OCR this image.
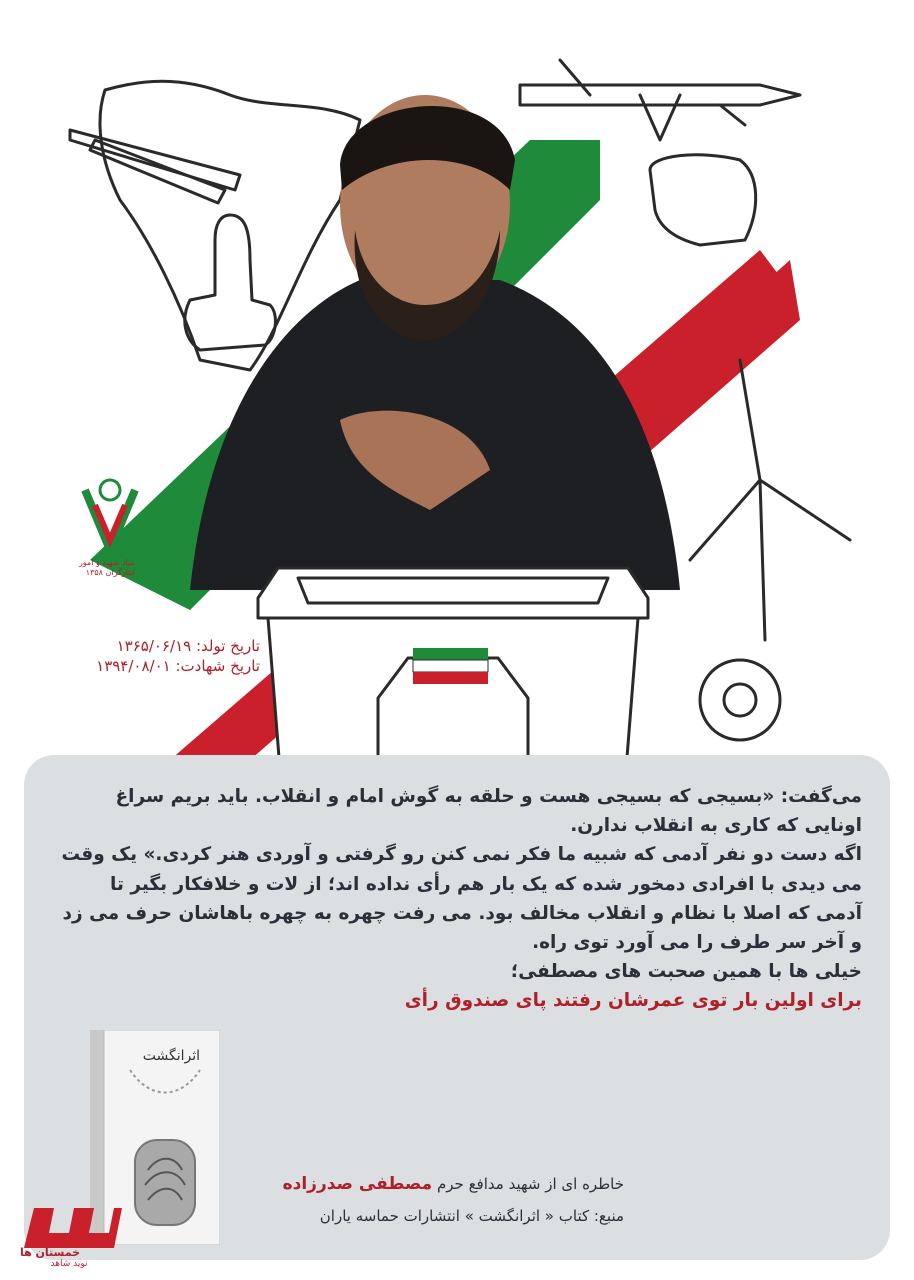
بنیاد شهید و امور ایثارگران ۱۳۵۸
تاریخ تولد: ۱۳۶۵/۰۶/۱۹
تاریخ شهادت: ۱۳۹۴/۰۸/۰۱
می‌گفت: «بسیجی که بسیجی هست و حلقه به گوش امام و انقلاب. باید بریم سراغ
اونایی که کاری به انقلاب ندارن.
اگه دست دو نفر آدمی که شبیه ما فکر نمی کنن رو گرفتی و آوردی هنر کردی.» یک وقت
می دیدی با افرادی دمخور شده که یک بار هم رأی نداده اند؛ از لات و خلافکار بگیر تا
آدمی که اصلا با نظام و انقلاب مخالف بود. می رفت چهره به چهره باهاشان حرف می زد
و آخر سر طرف را می آورد توی راه.
خیلی ها با همین صحبت های مصطفی؛
برای اولین بار توی عمرشان رفتند پای صندوق رأی
اثرانگشت
خاطره ای از شهید مدافع حرم مصطفی صدرزاده
منبع: کتاب « اثرانگشت » انتشارات حماسه یاران
نوید شاهد
خمستان ها
